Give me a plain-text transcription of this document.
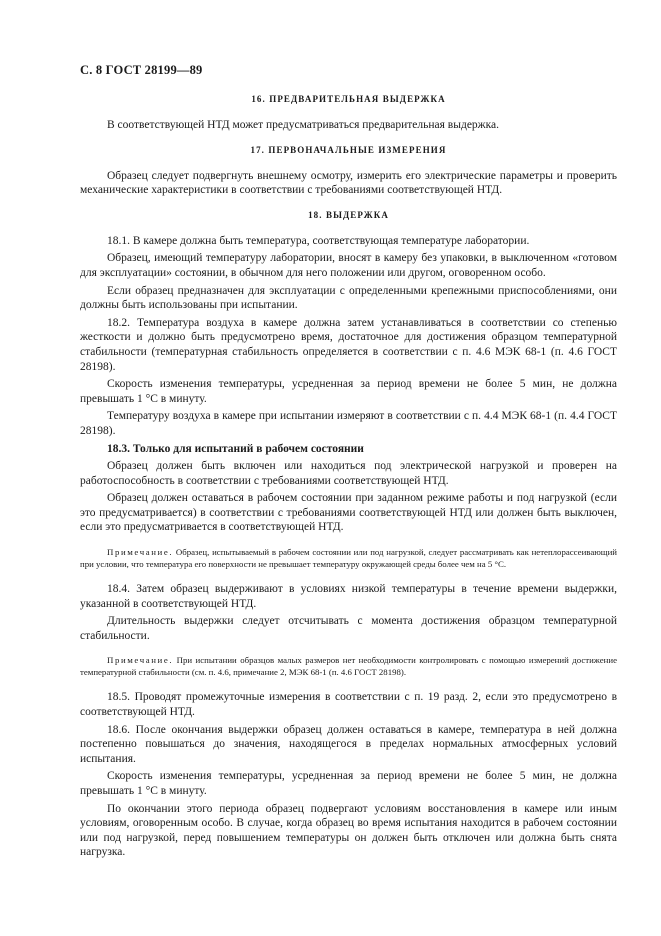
С. 8 ГОСТ 28199—89
16. ПРЕДВАРИТЕЛЬНАЯ ВЫДЕРЖКА

В соответствующей НТД может предусматриваться предварительная выдержка.

17. ПЕРВОНАЧАЛЬНЫЕ ИЗМЕРЕНИЯ

Образец следует подвергнуть внешнему осмотру, измерить его электрические параметры и проверить механические характеристики в соответствии с требованиями соответствующей НТД.

18. ВЫДЕРЖКА

18.1. В камере должна быть температура, соответствующая температуре лаборатории.

Образец, имеющий температуру лаборатории, вносят в камеру без упаковки, в выключенном «готовом для эксплуатации» состоянии, в обычном для него положении или другом, оговоренном особо.

Если образец предназначен для эксплуатации с определенными крепежными приспособлениями, они должны быть использованы при испытании.

18.2. Температура воздуха в камере должна затем устанавливаться в соответствии со степенью жесткости и должно быть предусмотрено время, достаточное для достижения образцом температурной стабильности (температурная стабильность определяется в соответствии с п. 4.6 МЭК 68-1 (п. 4.6 ГОСТ 28198).

Скорость изменения температуры, усредненная за период времени не более 5 мин, не должна превышать 1 °С в минуту.

Температуру воздуха в камере при испытании измеряют в соответствии с п. 4.4 МЭК 68-1 (п. 4.4 ГОСТ 28198).

18.3. Только для испытаний в рабочем состоянии

Образец должен быть включен или находиться под электрической нагрузкой и проверен на работоспособность в соответствии с требованиями соответствующей НТД.

Образец должен оставаться в рабочем состоянии при заданном режиме работы и под нагрузкой (если это предусматривается) в соответствии с требованиями соответствующей НТД или должен быть выключен, если это предусматривается в соответствующей НТД.

Примечание. Образец, испытываемый в рабочем состоянии или под нагрузкой, следует рассматривать как нетеплорассеивающий при условии, что температура его поверхности не превышает температуру окружающей среды более чем на 5 °С.

18.4. Затем образец выдерживают в условиях низкой температуры в течение времени выдержки, указанной в соответствующей НТД.

Длительность выдержки следует отсчитывать с момента достижения образцом температурной стабильности.

Примечание. При испытании образцов малых размеров нет необходимости контролировать с помощью измерений достижение температурной стабильности (см. п. 4.6, примечание 2, МЭК 68-1 (п. 4.6 ГОСТ 28198).

18.5. Проводят промежуточные измерения в соответствии с п. 19 разд. 2, если это предусмотрено в соответствующей НТД.

18.6. После окончания выдержки образец должен оставаться в камере, температура в ней должна постепенно повышаться до значения, находящегося в пределах нормальных атмосферных условий испытания.

Скорость изменения температуры, усредненная за период времени не более 5 мин, не должна превышать 1 °С в минуту.

По окончании этого периода образец подвергают условиям восстановления в камере или иным условиям, оговоренным особо. В случае, когда образец во время испытания находится в рабочем состоянии или под нагрузкой, перед повышением температуры он должен быть отключен или должна быть снята нагрузка.
